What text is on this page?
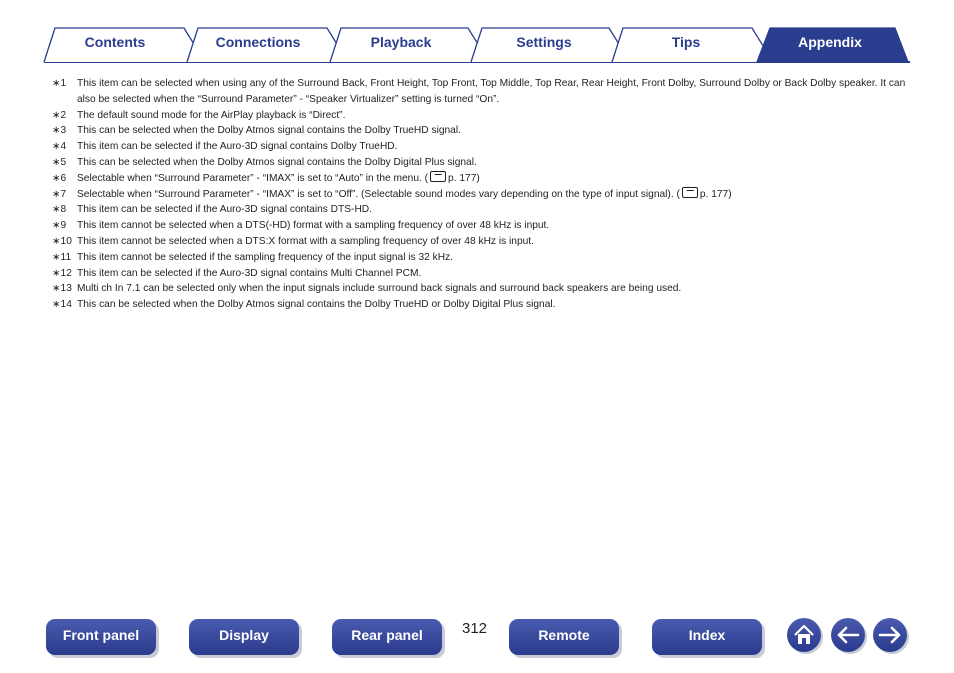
Contents	Connections	Playback	Settings	Tips	Appendix
∗1	This item can be selected when using any of the Surround Back, Front Height, Top Front, Top Middle, Top Rear, Rear Height, Front Dolby, Surround Dolby or Back Dolby speaker. It can also be selected when the “Surround Parameter” - “Speaker Virtualizer” setting is turned “On”.
∗2	The default sound mode for the AirPlay playback is “Direct”.
∗3	This can be selected when the Dolby Atmos signal contains the Dolby TrueHD signal.
∗4	This item can be selected if the Auro-3D signal contains Dolby TrueHD.
∗5	This can be selected when the Dolby Atmos signal contains the Dolby Digital Plus signal.
∗6	Selectable when “Surround Parameter” - “IMAX” is set to “Auto” in the menu. ( p. 177)
∗7	Selectable when “Surround Parameter” - “IMAX” is set to “Off”. (Selectable sound modes vary depending on the type of input signal). ( p. 177)
∗8	This item can be selected if the Auro-3D signal contains DTS-HD.
∗9	This item cannot be selected when a DTS(-HD) format with a sampling frequency of over 48 kHz is input.
∗10 This item cannot be selected when a DTS:X format with a sampling frequency of over 48 kHz is input.
∗11 This item cannot be selected if the sampling frequency of the input signal is 32 kHz.
∗12 This item can be selected if the Auro-3D signal contains Multi Channel PCM.
∗13 Multi ch In 7.1 can be selected only when the input signals include surround back signals and surround back speakers are being used.
∗14 This can be selected when the Dolby Atmos signal contains the Dolby TrueHD or Dolby Digital Plus signal.
Front panel	Display	Rear panel	312	Remote	Index
